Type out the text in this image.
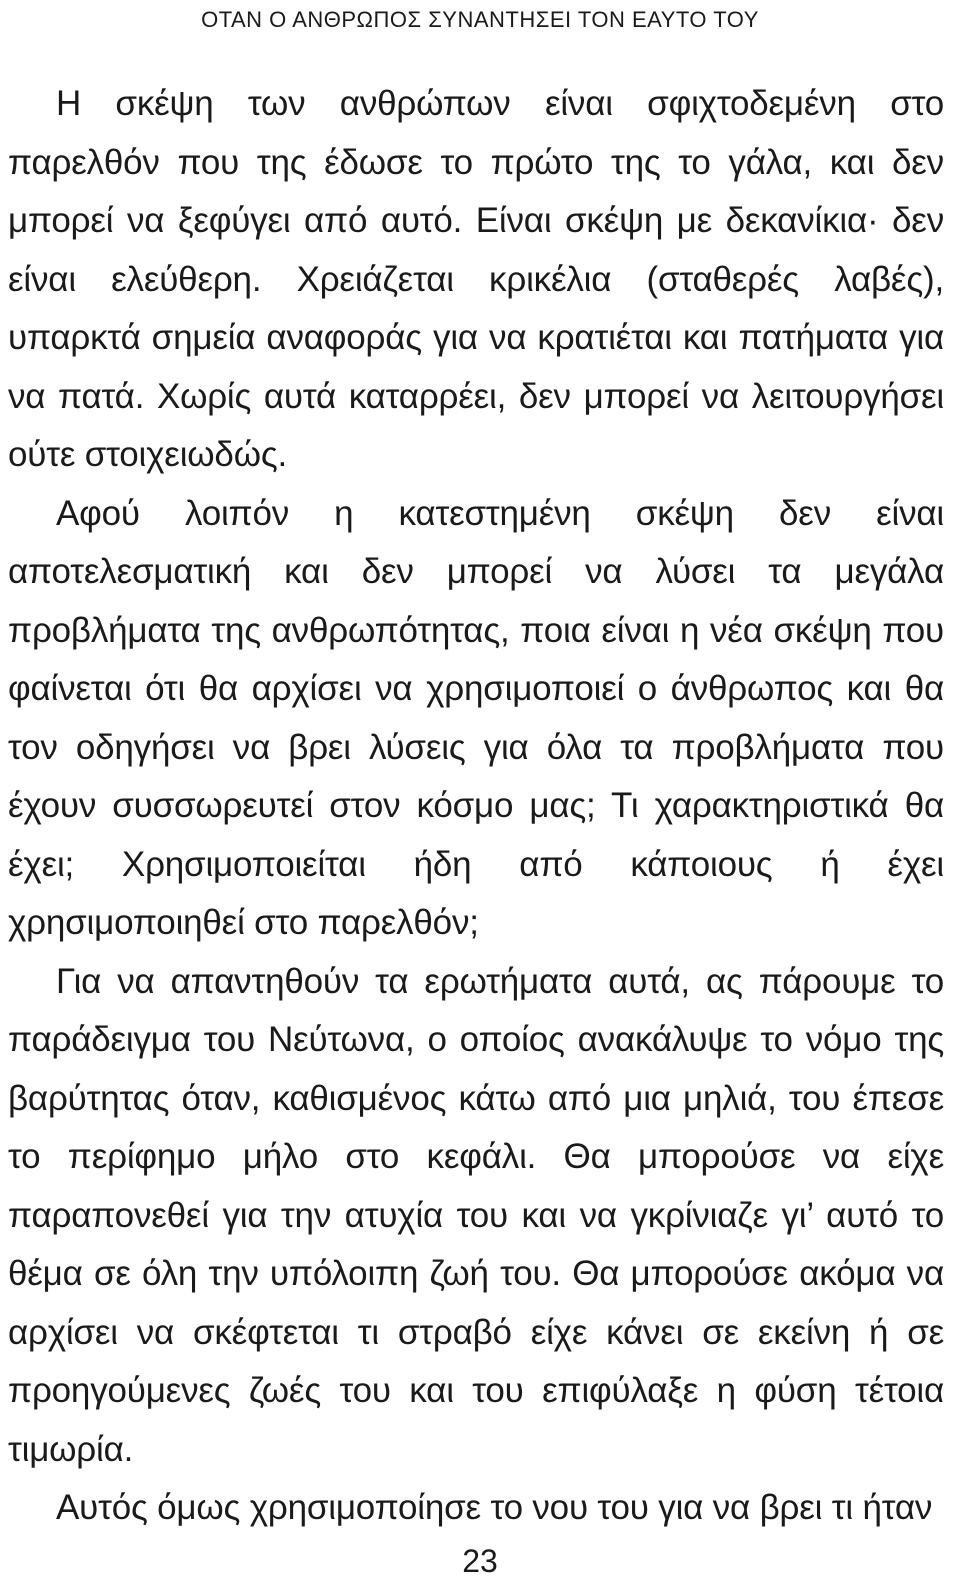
ΟΤΑΝ Ο ΑΝΘΡΩΠΟΣ ΣΥΝΑΝΤΗΣΕΙ ΤΟΝ ΕΑΥΤΟ ΤΟΥ

Η σκέψη των ανθρώπων είναι σφιχτοδεμένη στο παρελθόν που της έδωσε το πρώτο της το γάλα, και δεν μπορεί να ξεφύγει από αυτό. Είναι σκέψη με δεκανίκια· δεν είναι ελεύθερη. Χρειάζεται κρικέλια (σταθερές λαβές), υπαρκτά σημεία αναφοράς για να κρατιέται και πατήματα για να πατά. Χωρίς αυτά καταρρέει, δεν μπορεί να λειτουργήσει ούτε στοιχειωδώς.

Αφού λοιπόν η κατεστημένη σκέψη δεν είναι αποτελεσματική και δεν μπορεί να λύσει τα μεγάλα προβλήματα της ανθρωπότητας, ποια είναι η νέα σκέψη που φαίνεται ότι θα αρχίσει να χρησιμοποιεί ο άνθρωπος και θα τον οδηγήσει να βρει λύσεις για όλα τα προβλήματα που έχουν συσσωρευτεί στον κόσμο μας; Τι χαρακτηριστικά θα έχει; Χρησιμοποιείται ήδη από κάποιους ή έχει χρησιμοποιηθεί στο παρελθόν;

Για να απαντηθούν τα ερωτήματα αυτά, ας πάρουμε το παράδειγμα του Νεύτωνα, ο οποίος ανακάλυψε το νόμο της βαρύτητας όταν, καθισμένος κάτω από μια μηλιά, του έπεσε το περίφημο μήλο στο κεφάλι. Θα μπορούσε να είχε παραπονεθεί για την ατυχία του και να γκρίνιαζε γι’ αυτό το θέμα σε όλη την υπόλοιπη ζωή του. Θα μπορούσε ακόμα να αρχίσει να σκέφτεται τι στραβό είχε κάνει σε εκείνη ή σε προηγούμενες ζωές του και του επιφύλαξε η φύση τέτοια τιμωρία.

Αυτός όμως χρησιμοποίησε το νου του για να βρει τι ήταν

23
